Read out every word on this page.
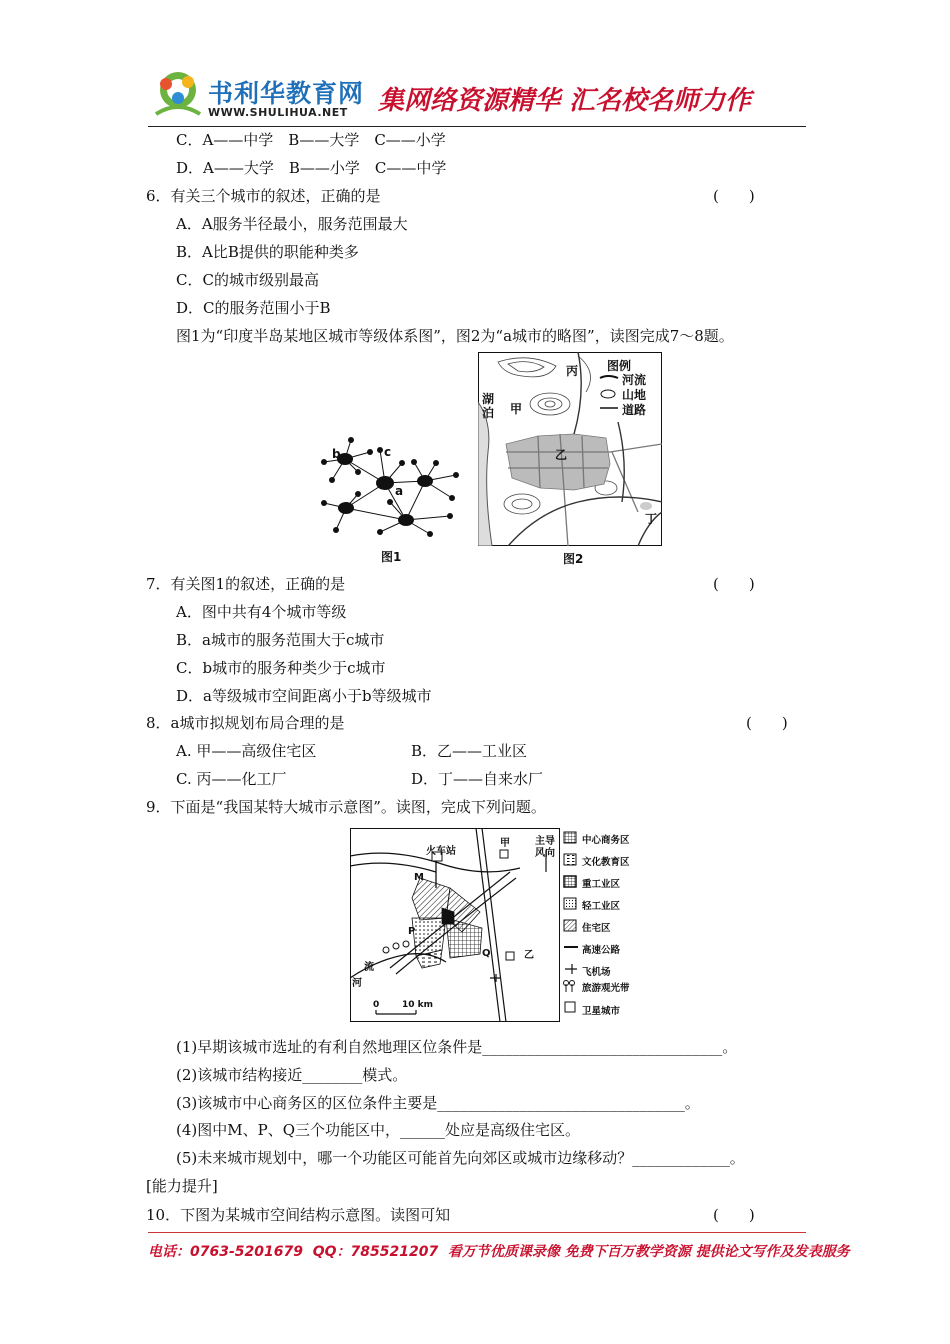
书利华教育网
WWW.SHULIHUA.NET 集网络资源精华 汇名校名师力作
C．A——中学　B——大学　C——小学
D．A——大学　B——小学　C——中学
6．有关三个城市的叙述，正确的是	(　　)
A．A服务半径最小，服务范围最大
B．A比B提供的职能种类多
C．C的城市级别最高
D．C的服务范围小于B
图1为“印度半岛某地区城市等级体系图”，图2为“a城市的略图”，读图完成7～8题。
b	c
a
图1
图例
河流
山地
道路
丙
湖泊 甲
乙
丁
图2
7．有关图1的叙述，正确的是	(　　)
A．图中共有4个城市等级
B．a城市的服务范围大于c城市
C．b城市的服务种类少于c城市
D．a等级城市空间距离小于b等级城市
8．a城市拟规划布局合理的是	(　　)
A. 甲——高级住宅区	B．乙——工业区
C. 丙——化工厂	D．丁——自来水厂
9．下面是“我国某特大城市示意图”。读图，完成下列问题。
火车站
甲	主导
风向
M
P
Q	乙
流
河
0	10 km
中心商务区
文化教育区
重工业区
轻工业区
住宅区
高速公路
飞机场
旅游观光带
卫星城市
(1)早期该城市选址的有利自然地理区位条件是________________________________。
(2)该城市结构接近________模式。
(3)该城市中心商务区的区位条件主要是_________________________________。
(4)图中M、P、Q三个功能区中，______处应是高级住宅区。
(5)未来城市规划中，哪一个功能区可能首先向郊区或城市边缘移动？_____________。
[能力提升]
10．下图为某城市空间结构示意图。读图可知	(　　)
电话：0763-5201679  QQ：785521207  看万节优质课录像 免费下百万教学资源 提供论文写作及发表服务
